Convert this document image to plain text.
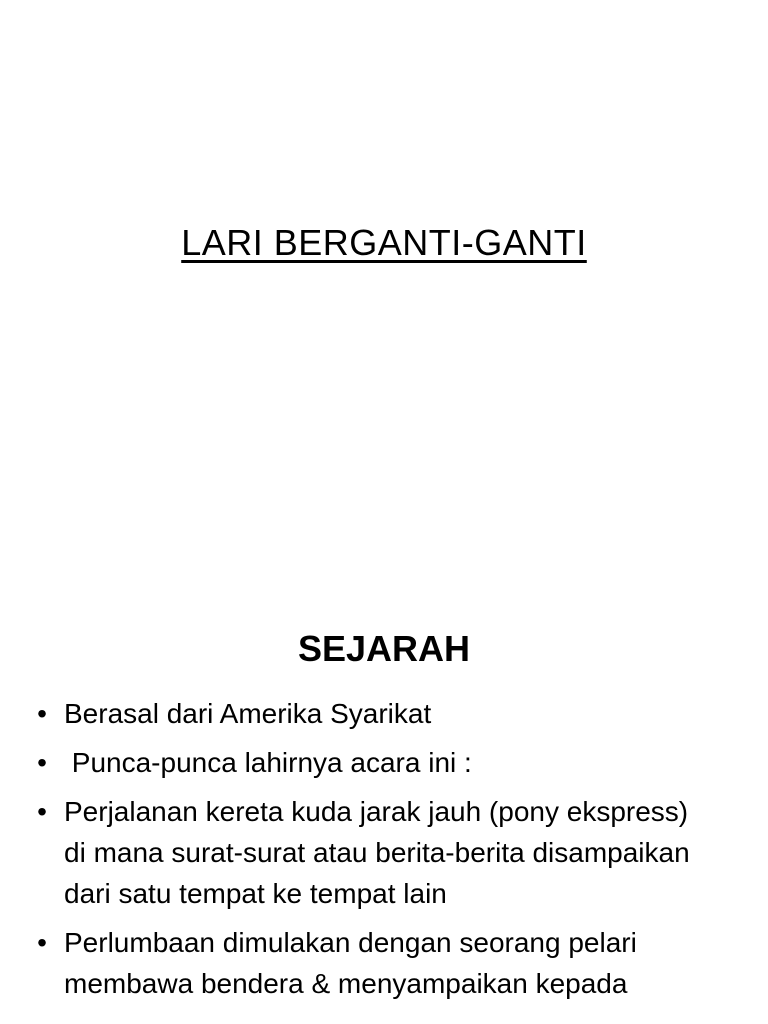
LARI BERGANTI-GANTI
SEJARAH
• Berasal dari Amerika Syarikat
• Punca-punca lahirnya acara ini :
• Perjalanan kereta kuda jarak jauh (pony ekspress) di mana surat-surat atau berita-berita disampaikan dari satu tempat ke tempat lain
• Perlumbaan dimulakan dengan seorang pelari membawa bendera & menyampaikan kepada
